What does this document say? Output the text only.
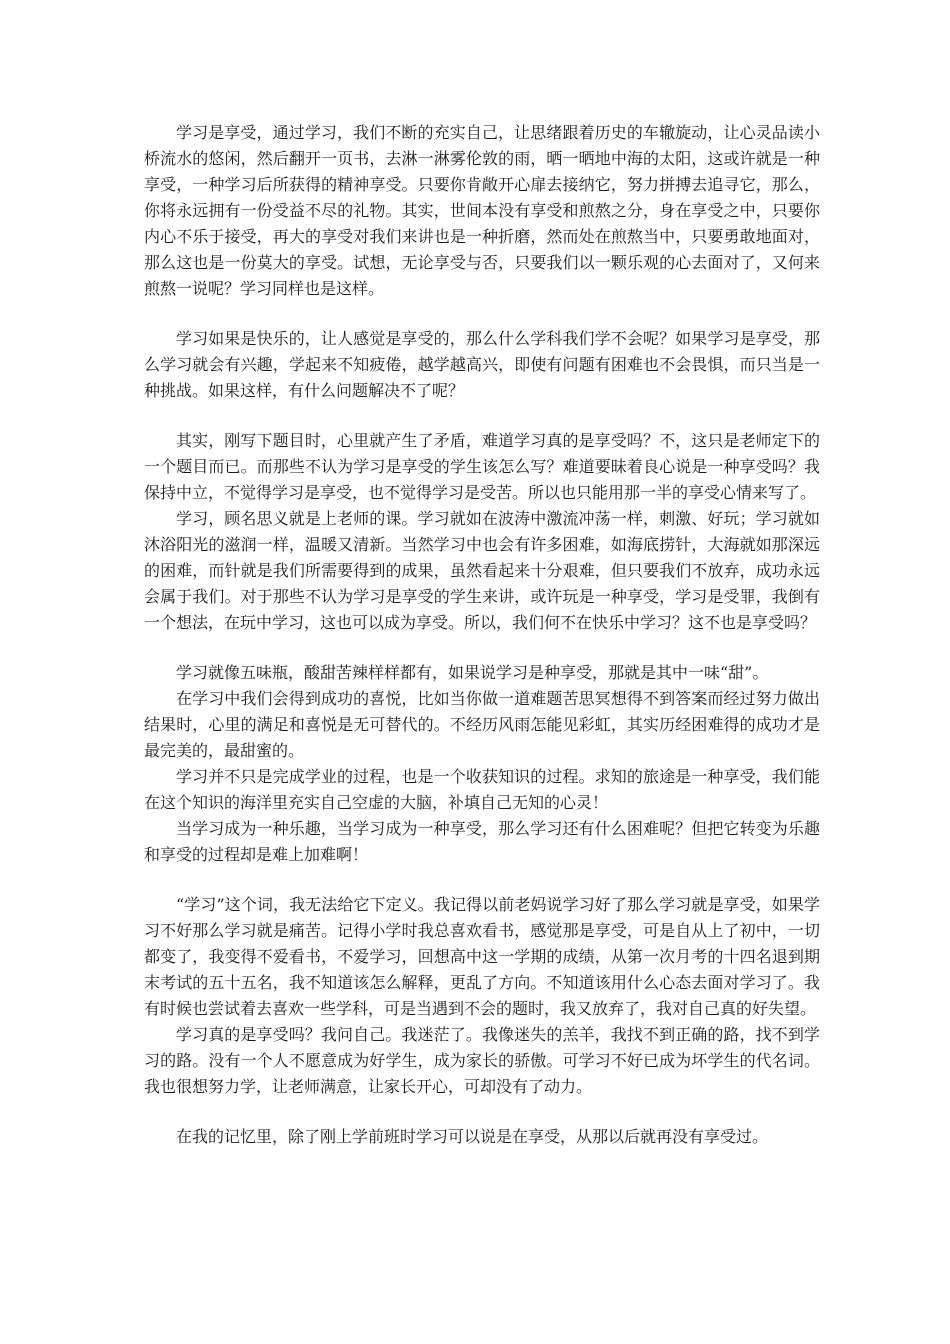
学习是享受，通过学习，我们不断的充实自己，让思绪跟着历史的车辙旋动，让心灵品读小桥流水的悠闲，然后翻开一页书，去淋一淋雾伦敦的雨，晒一晒地中海的太阳，这或许就是一种享受，一种学习后所获得的精神享受。只要你肯敞开心扉去接纳它，努力拼搏去追寻它，那么，你将永远拥有一份受益不尽的礼物。其实，世间本没有享受和煎熬之分，身在享受之中，只要你内心不乐于接受，再大的享受对我们来讲也是一种折磨，然而处在煎熬当中，只要勇敢地面对，那么这也是一份莫大的享受。试想，无论享受与否，只要我们以一颗乐观的心去面对了，又何来煎熬一说呢？学习同样也是这样。

学习如果是快乐的，让人感觉是享受的，那么什么学科我们学不会呢？如果学习是享受，那么学习就会有兴趣，学起来不知疲倦，越学越高兴，即使有问题有困难也不会畏惧，而只当是一种挑战。如果这样，有什么问题解决不了呢？

其实，刚写下题目时，心里就产生了矛盾，难道学习真的是享受吗？不，这只是老师定下的一个题目而已。而那些不认为学习是享受的学生该怎么写？难道要昧着良心说是一种享受吗？我保持中立，不觉得学习是享受，也不觉得学习是受苦。所以也只能用那一半的享受心情来写了。

学习，顾名思义就是上老师的课。学习就如在波涛中激流冲荡一样，刺激、好玩；学习就如沐浴阳光的滋润一样，温暖又清新。当然学习中也会有许多困难，如海底捞针，大海就如那深远的困难，而针就是我们所需要得到的成果，虽然看起来十分艰难，但只要我们不放弃，成功永远会属于我们。对于那些不认为学习是享受的学生来讲，或许玩是一种享受，学习是受罪，我倒有一个想法，在玩中学习，这也可以成为享受。所以，我们何不在快乐中学习？这不也是享受吗？

学习就像五味瓶，酸甜苦辣样样都有，如果说学习是种享受，那就是其中一味“甜”。

在学习中我们会得到成功的喜悦，比如当你做一道难题苦思冥想得不到答案而经过努力做出结果时，心里的满足和喜悦是无可替代的。不经历风雨怎能见彩虹，其实历经困难得的成功才是最完美的，最甜蜜的。

学习并不只是完成学业的过程，也是一个收获知识的过程。求知的旅途是一种享受，我们能在这个知识的海洋里充实自己空虚的大脑，补填自己无知的心灵！

当学习成为一种乐趣，当学习成为一种享受，那么学习还有什么困难呢？但把它转变为乐趣和享受的过程却是难上加难啊！

“学习”这个词，我无法给它下定义。我记得以前老妈说学习好了那么学习就是享受，如果学习不好那么学习就是痛苦。记得小学时我总喜欢看书，感觉那是享受，可是自从上了初中，一切都变了，我变得不爱看书，不爱学习，回想高中这一学期的成绩，从第一次月考的十四名退到期末考试的五十五名，我不知道该怎么解释，更乱了方向。不知道该用什么心态去面对学习了。我有时候也尝试着去喜欢一些学科，可是当遇到不会的题时，我又放弃了，我对自己真的好失望。

学习真的是享受吗？我问自己。我迷茫了。我像迷失的羔羊，我找不到正确的路，找不到学习的路。没有一个人不愿意成为好学生，成为家长的骄傲。可学习不好已成为坏学生的代名词。我也很想努力学，让老师满意，让家长开心，可却没有了动力。

在我的记忆里，除了刚上学前班时学习可以说是在享受，从那以后就再没有享受过。
